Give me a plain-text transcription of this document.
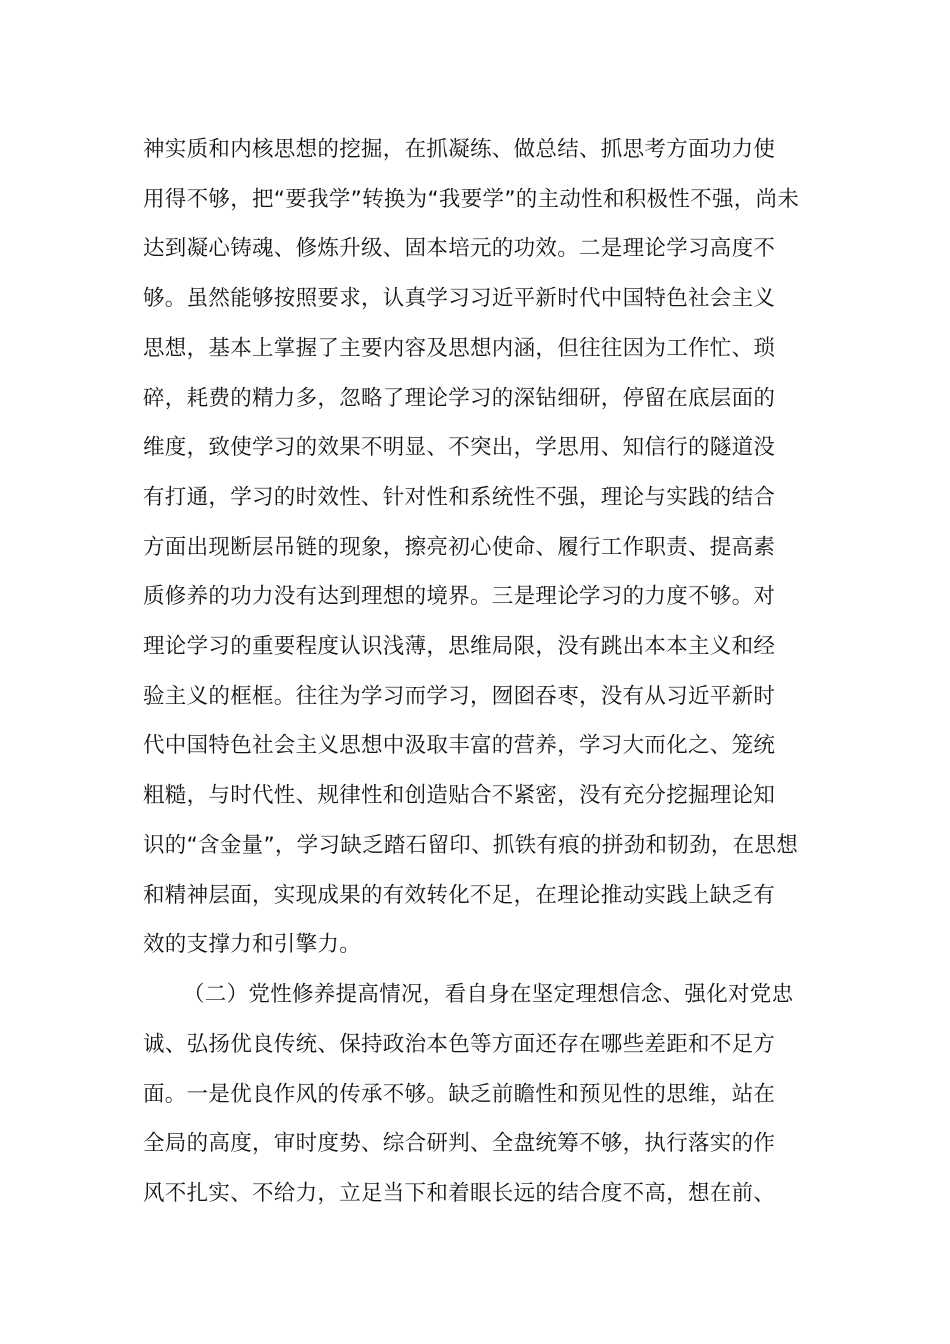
神实质和内核思想的挖掘，在抓凝练、做总结、抓思考方面功力使
用得不够，把“要我学”转换为“我要学”的主动性和积极性不强，尚未
达到凝心铸魂、修炼升级、固本培元的功效。二是理论学习高度不
够。虽然能够按照要求，认真学习习近平新时代中国特色社会主义
思想，基本上掌握了主要内容及思想内涵，但往往因为工作忙、琐
碎，耗费的精力多，忽略了理论学习的深钻细研，停留在底层面的
维度，致使学习的效果不明显、不突出，学思用、知信行的隧道没
有打通，学习的时效性、针对性和系统性不强，理论与实践的结合
方面出现断层吊链的现象，擦亮初心使命、履行工作职责、提高素
质修养的功力没有达到理想的境界。三是理论学习的力度不够。对
理论学习的重要程度认识浅薄，思维局限，没有跳出本本主义和经
验主义的框框。往往为学习而学习，囫囵吞枣，没有从习近平新时
代中国特色社会主义思想中汲取丰富的营养，学习大而化之、笼统
粗糙，与时代性、规律性和创造贴合不紧密，没有充分挖掘理论知
识的“含金量”，学习缺乏踏石留印、抓铁有痕的拼劲和韧劲，在思想
和精神层面，实现成果的有效转化不足，在理论推动实践上缺乏有
效的支撑力和引擎力。
（二）党性修养提高情况，看自身在坚定理想信念、强化对党忠
诚、弘扬优良传统、保持政治本色等方面还存在哪些差距和不足方
面。一是优良作风的传承不够。缺乏前瞻性和预见性的思维，站在
全局的高度，审时度势、综合研判、全盘统筹不够，执行落实的作
风不扎实、不给力，立足当下和着眼长远的结合度不高，想在前、
